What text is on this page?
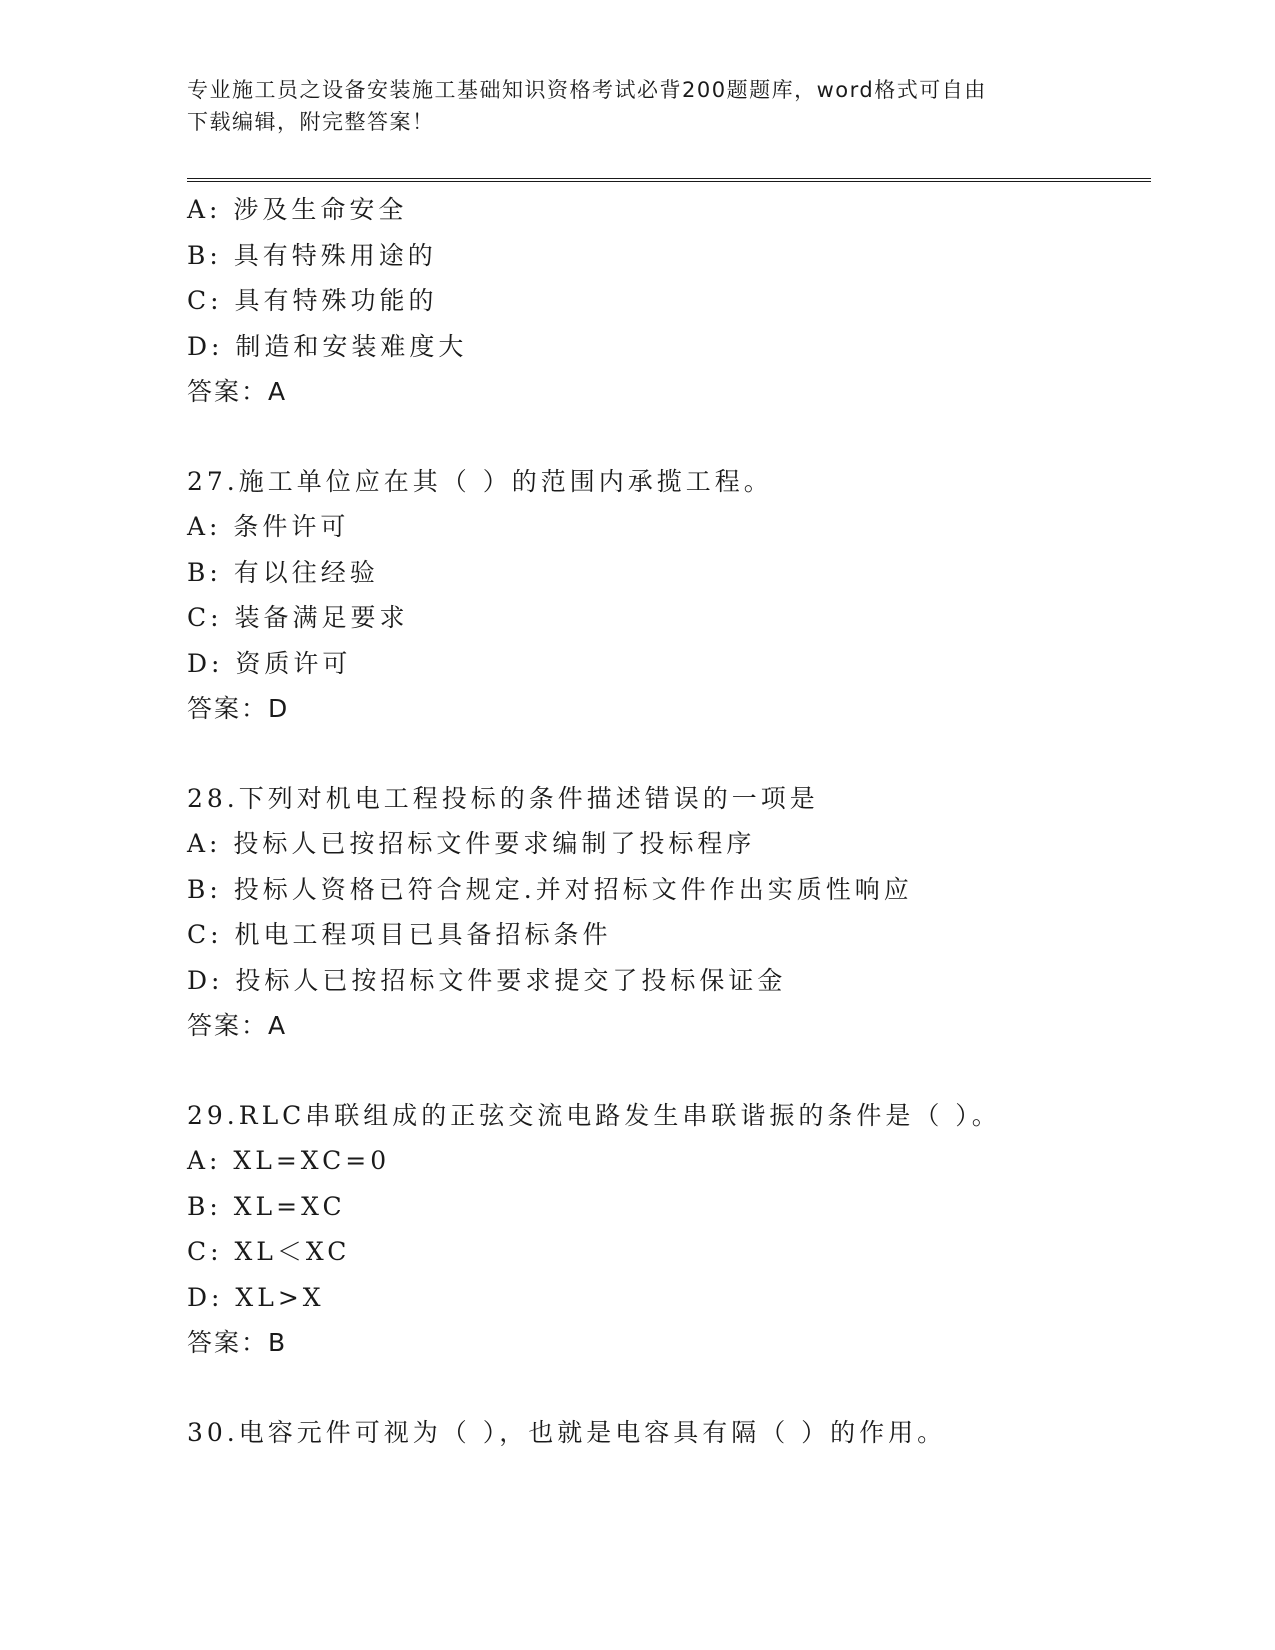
专业施工员之设备安装施工基础知识资格考试必背200题题库，word格式可自由
下载编辑，附完整答案！
A: 涉及生命安全
B: 具有特殊用途的
C: 具有特殊功能的
D: 制造和安装难度大
答案：A
27.施工单位应在其（ ）的范围内承揽工程。
A: 条件许可
B: 有以往经验
C: 装备满足要求
D: 资质许可
答案：D
28.下列对机电工程投标的条件描述错误的一项是
A: 投标人已按招标文件要求编制了投标程序
B: 投标人资格已符合规定.并对招标文件作出实质性响应
C: 机电工程项目已具备招标条件
D: 投标人已按招标文件要求提交了投标保证金
答案：A
29.RLC串联组成的正弦交流电路发生串联谐振的条件是（ ）。
A: XL=XC=0
B: XL=XC
C: XL＜XC
D: XL>X
答案：B
30.电容元件可视为（ ），也就是电容具有隔（ ）的作用。
